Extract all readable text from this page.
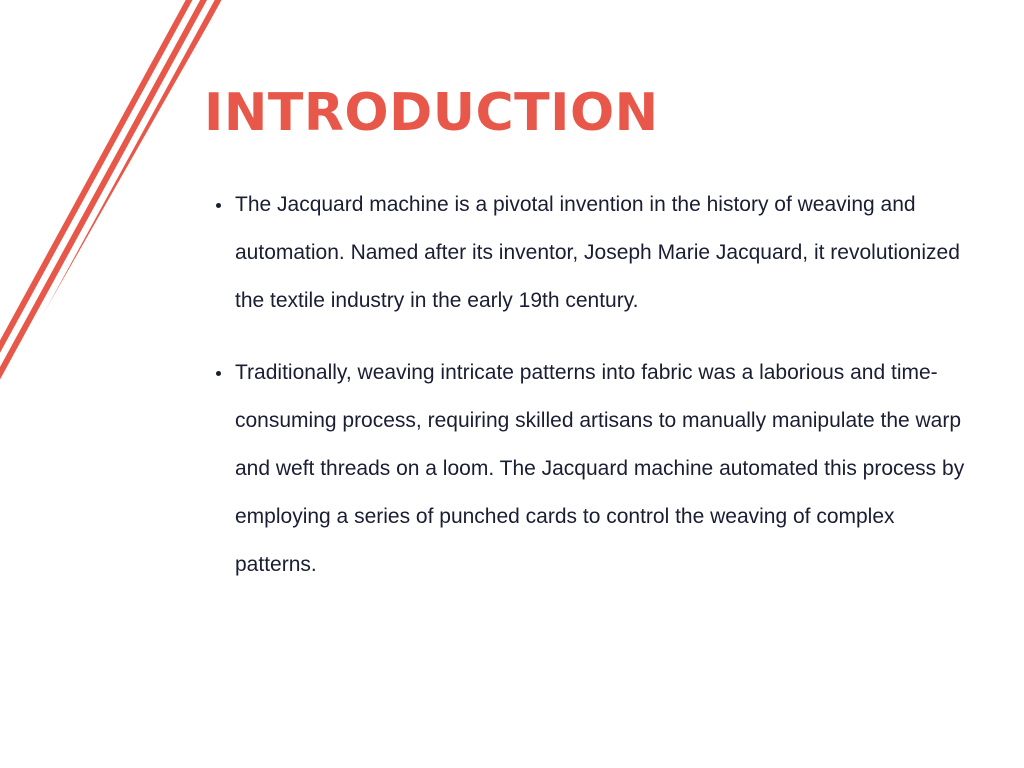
INTRODUCTION
The Jacquard machine is a pivotal invention in the history of weaving and automation. Named after its inventor, Joseph Marie Jacquard, it revolutionized the textile industry in the early 19th century.
Traditionally, weaving intricate patterns into fabric was a laborious and time-consuming process, requiring skilled artisans to manually manipulate the warp and weft threads on a loom. The Jacquard machine automated this process by employing a series of punched cards to control the weaving of complex patterns.
